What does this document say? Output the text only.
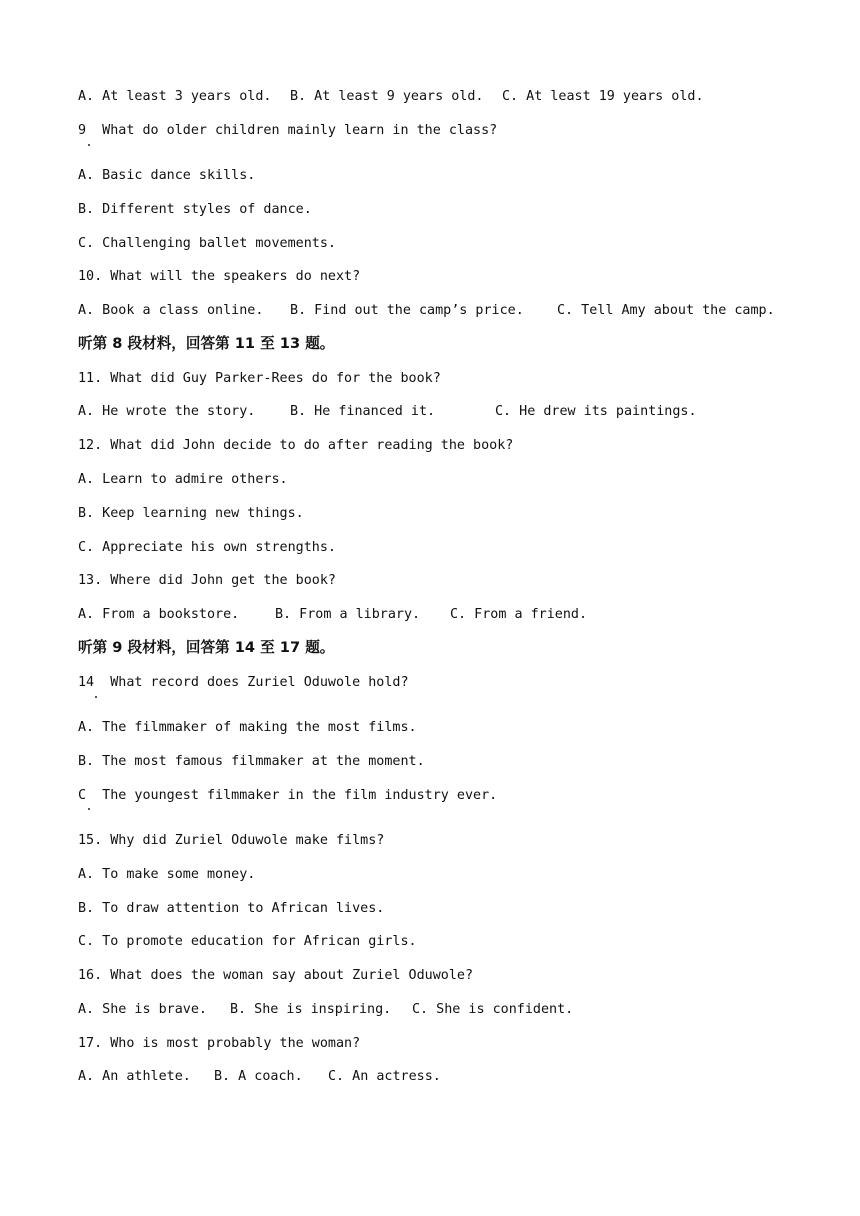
A. At least 3 years old. B. At least 9 years old. C. At least 19 years old.
9  What do older children mainly learn in the class?
A. Basic dance skills.
B. Different styles of dance.
C. Challenging ballet movements.
10. What will the speakers do next?
A. Book a class online. B. Find out the camp’s price. C. Tell Amy about the camp.
听第 8 段材料，回答第 11 至 13 题。
11. What did Guy Parker-Rees do for the book?
A. He wrote the story.	B. He financed it.	C. He drew its paintings.
12. What did John decide to do after reading the book?
A. Learn to admire others.
B. Keep learning new things.
C. Appreciate his own strengths.
13. Where did John get the book?
A. From a bookstore.	B. From a library. C. From a friend.
听第 9 段材料，回答第 14 至 17 题。
14  What record does Zuriel Oduwole hold?
A. The filmmaker of making the most films.
B. The most famous filmmaker at the moment.
C  The youngest filmmaker in the film industry ever.
15. Why did Zuriel Oduwole make films?
A. To make some money.
B. To draw attention to African lives.
C. To promote education for African girls.
16. What does the woman say about Zuriel Oduwole?
A. She is brave. B. She is inspiring. C. She is confident.
17. Who is most probably the woman?
A. An athlete. B. A coach. C. An actress.
